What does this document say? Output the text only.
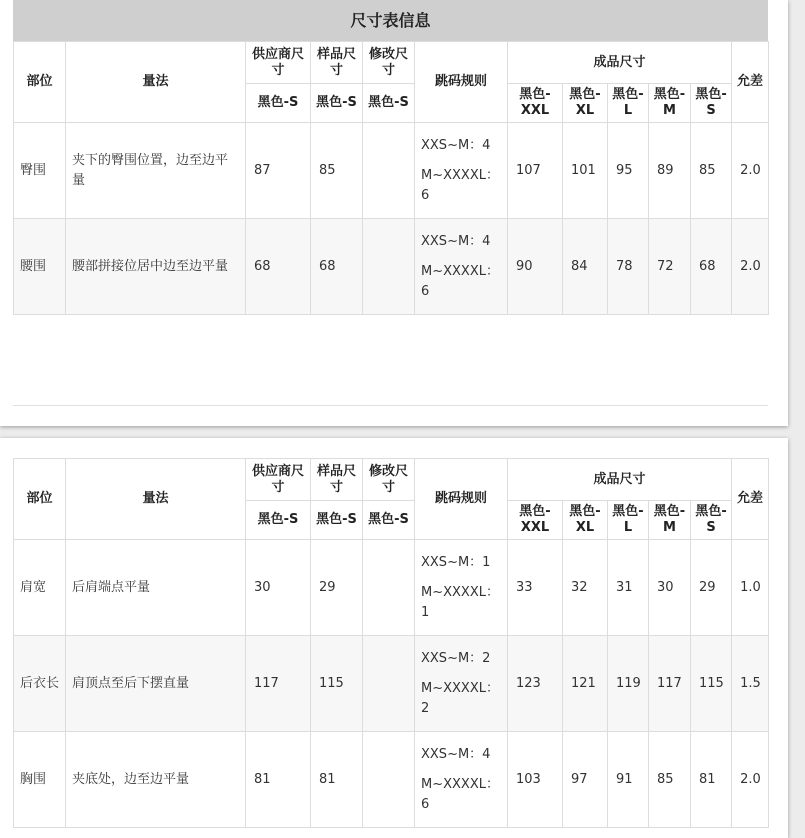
尺寸表信息
部位	量法	供应商尺寸	样品尺寸	修改尺寸	跳码规则	成品尺寸					允差
		黑色-S	黑色-S	黑色-S		黑色-XXL	黑色-XL	黑色-L	黑色-M	黑色-S	
臀围	夹下的臀围位置，边至边平量	87	85		XXS~M：4
M~XXXXL：6	107	101	95	89	85	2.0
腰围	腰部拼接位居中边至边平量	68	68		XXS~M：4
M~XXXXL：6	90	84	78	72	68	2.0
部位	量法	供应商尺寸	样品尺寸	修改尺寸	跳码规则	成品尺寸					允差
		黑色-S	黑色-S	黑色-S		黑色-XXL	黑色-XL	黑色-L	黑色-M	黑色-S	
肩宽	后肩端点平量	30	29		XXS~M：1
M~XXXXL：1	33	32	31	30	29	1.0
后衣长	肩顶点至后下摆直量	117	115		XXS~M：2
M~XXXXL：2	123	121	119	117	115	1.5
胸围	夹底处，边至边平量	81	81		XXS~M：4
M~XXXXL：6	103	97	91	85	81	2.0
